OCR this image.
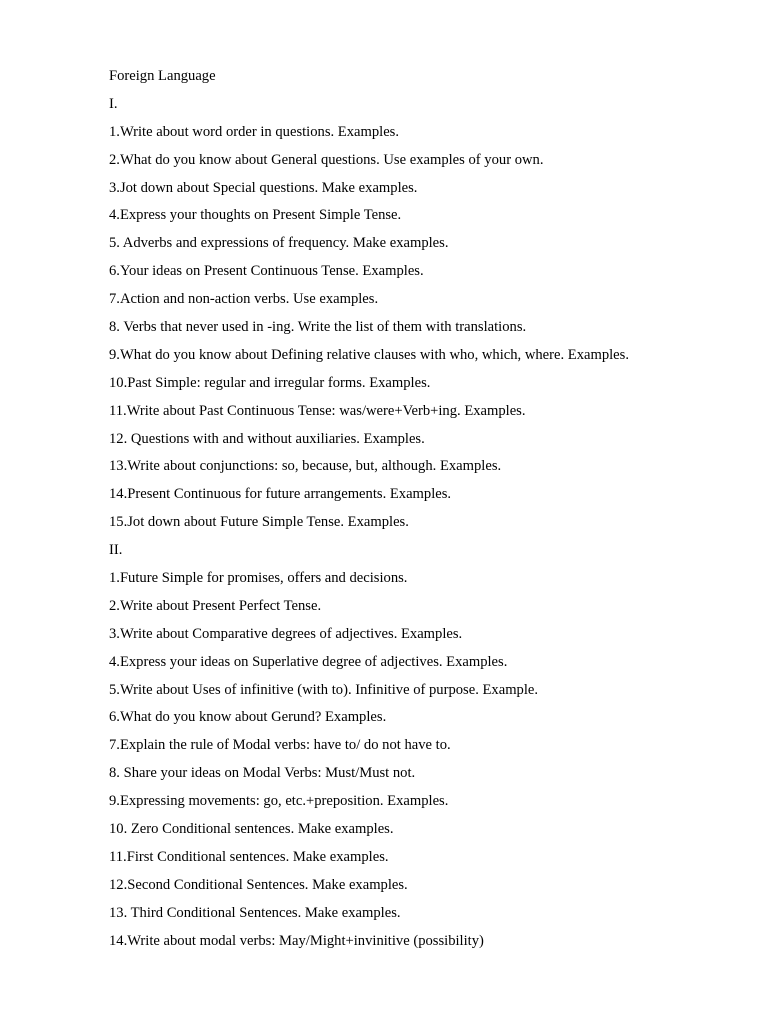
Foreign Language

I.

1.Write about word order in questions. Examples.

2.What do you know about General questions. Use examples of your own.

3.Jot down about Special questions. Make examples.

4.Express your thoughts on Present Simple Tense.

5. Adverbs and expressions of frequency. Make examples.

6.Your ideas on Present Continuous Tense. Examples.

7.Action and non-action verbs. Use examples.

8. Verbs that never used in -ing. Write the list of them with translations.

9.What do you know about Defining relative clauses with who, which, where. Examples.

10.Past Simple: regular and irregular forms. Examples.

11.Write about Past Continuous Tense: was/were+Verb+ing. Examples.

12. Questions with and without auxiliaries. Examples.

13.Write about conjunctions: so, because, but, although. Examples.

14.Present Continuous for future arrangements. Examples.

15.Jot down about Future Simple Tense. Examples.

II.

1.Future Simple for promises, offers and decisions.

2.Write about Present Perfect Tense.

3.Write about Comparative degrees of adjectives. Examples.

4.Express your ideas on Superlative degree of adjectives. Examples.

5.Write about Uses of infinitive (with to). Infinitive of purpose. Example.

6.What do you know about Gerund? Examples.

7.Explain the rule of Modal verbs: have to/ do not have to.

8. Share your ideas on Modal Verbs: Must/Must not.

9.Expressing movements: go, etc.+preposition. Examples.

10. Zero Conditional sentences. Make examples.

11.First Conditional sentences. Make examples.

12.Second Conditional Sentences. Make examples.

13. Third Conditional Sentences. Make examples.

14.Write about modal verbs: May/Might+invinitive (possibility)
